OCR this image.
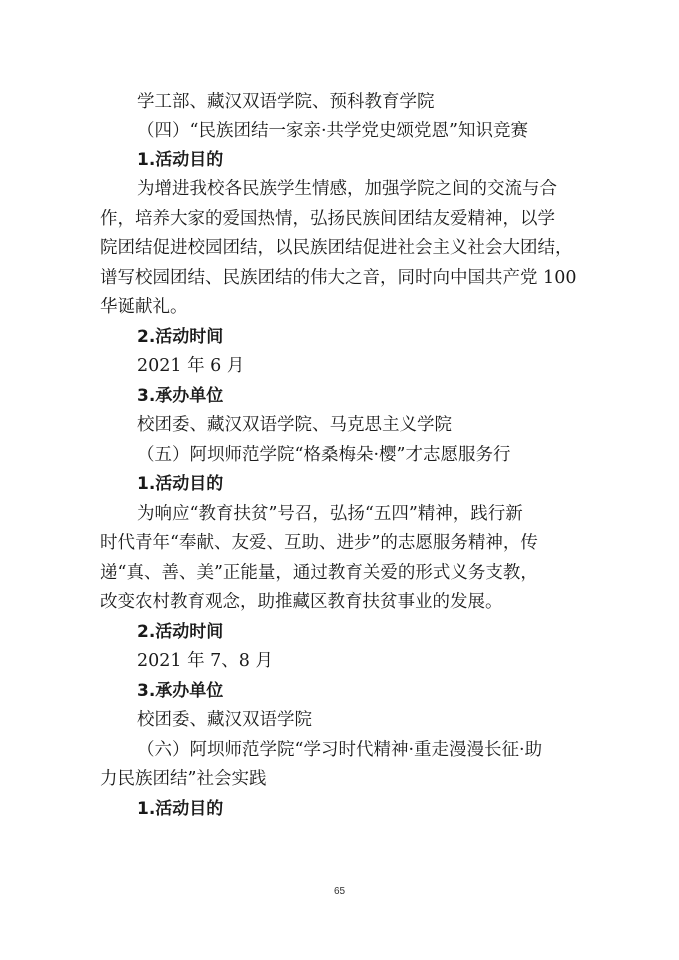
学工部、藏汉双语学院、预科教育学院

（四）“民族团结一家亲·共学党史颂党恩”知识竞赛

1.活动目的

为增进我校各民族学生情感，加强学院之间的交流与合

作，培养大家的爱国热情，弘扬民族间团结友爱精神，以学

院团结促进校园团结，以民族团结促进社会主义社会大团结，

谱写校园团结、民族团结的伟大之音，同时向中国共产党 100

华诞献礼。

2.活动时间

2021 年 6 月

3.承办单位

校团委、藏汉双语学院、马克思主义学院

（五）阿坝师范学院“格桑梅朵·樱”才志愿服务行

1.活动目的

为响应“教育扶贫”号召，弘扬“五四”精神，践行新

时代青年“奉献、友爱、互助、进步”的志愿服务精神，传

递“真、善、美”正能量，通过教育关爱的形式义务支教，

改变农村教育观念，助推藏区教育扶贫事业的发展。

2.活动时间

2021 年 7、8 月

3.承办单位

校团委、藏汉双语学院

（六）阿坝师范学院“学习时代精神·重走漫漫长征·助

力民族团结”社会实践

1.活动目的

65
